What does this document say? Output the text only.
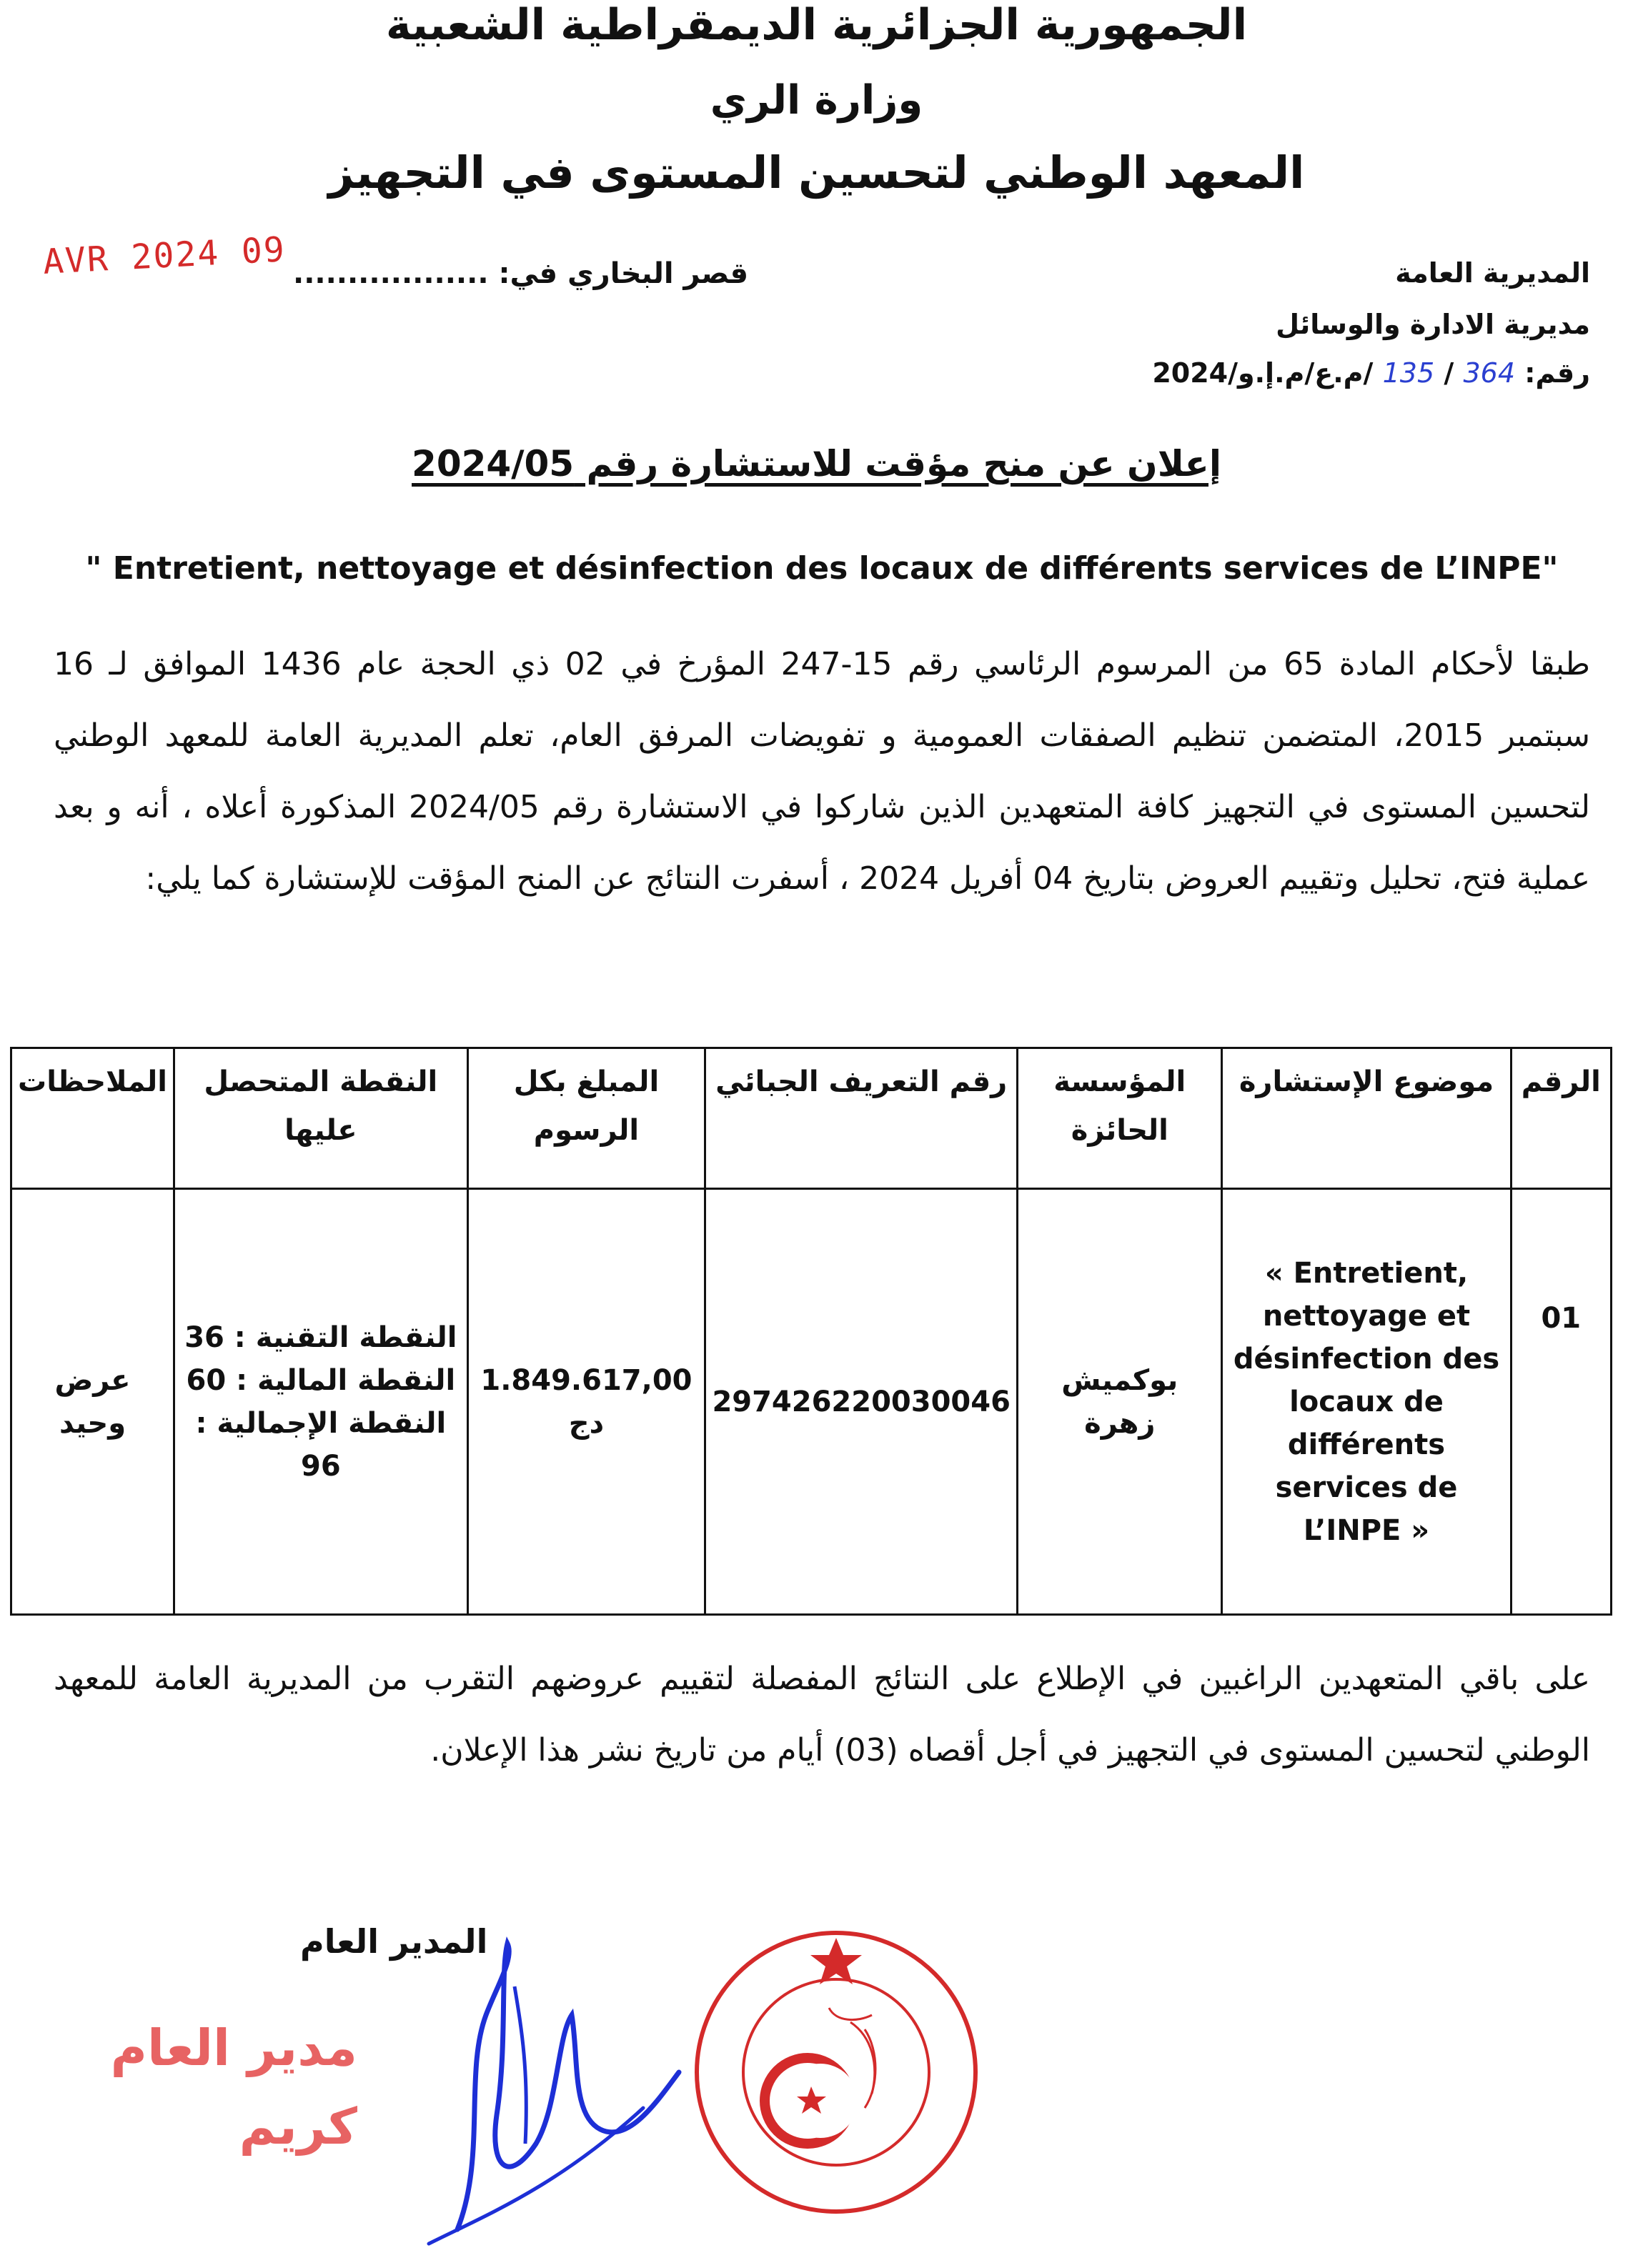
الجمهورية الجزائرية الديمقراطية الشعبية
وزارة الري
المعهد الوطني لتحسين المستوى في التجهيز
المديرية العامة
مديرية الادارة والوسائل
قصر البخاري في: ..................
09 AVR 2024
رقم: 364 / 135 /م.ع/م.إ.و/2024
إعلان عن منح مؤقت للاستشارة رقم 2024/05
" Entretient, nettoyage et désinfection des locaux de différents services de L’INPE"
طبقا لأحكام المادة 65 من المرسوم الرئاسي رقم 15-247 المؤرخ في 02 ذي الحجة عام 1436 الموافق لـ 16 سبتمبر 2015، المتضمن تنظيم الصفقات العمومية و تفويضات المرفق العام، تعلم المديرية العامة للمعهد الوطني لتحسين المستوى في التجهيز كافة المتعهدين الذين شاركوا في الاستشارة رقم 2024/05 المذكورة أعلاه ، أنه و بعد عملية فتح، تحليل وتقييم العروض بتاريخ 04 أفريل 2024 ، أسفرت النتائج عن المنح المؤقت للإستشارة كما يلي:
الرقم	موضوع الإستشارة	المؤسسة الحائزة	رقم التعريف الجبائي	المبلغ بكل الرسوم	النقطة المتحصل عليها	الملاحظات
01	« Entretient, nettoyage et désinfection des locaux de différents services de L’INPE »	بوكميش زهرة	297426220030046	1.849.617,00 دج	النقطة التقنية : 36
النقطة المالية : 60
النقطة الإجمالية : 96	عرض وحيد
على باقي المتعهدين الراغبين في الإطلاع على النتائج المفصلة لتقييم عروضهم التقرب من المديرية العامة للمعهد الوطني لتحسين المستوى في التجهيز في أجل أقصاه (03) أيام من تاريخ نشر هذا الإعلان.
المدير العام
مدير العام
كريم
